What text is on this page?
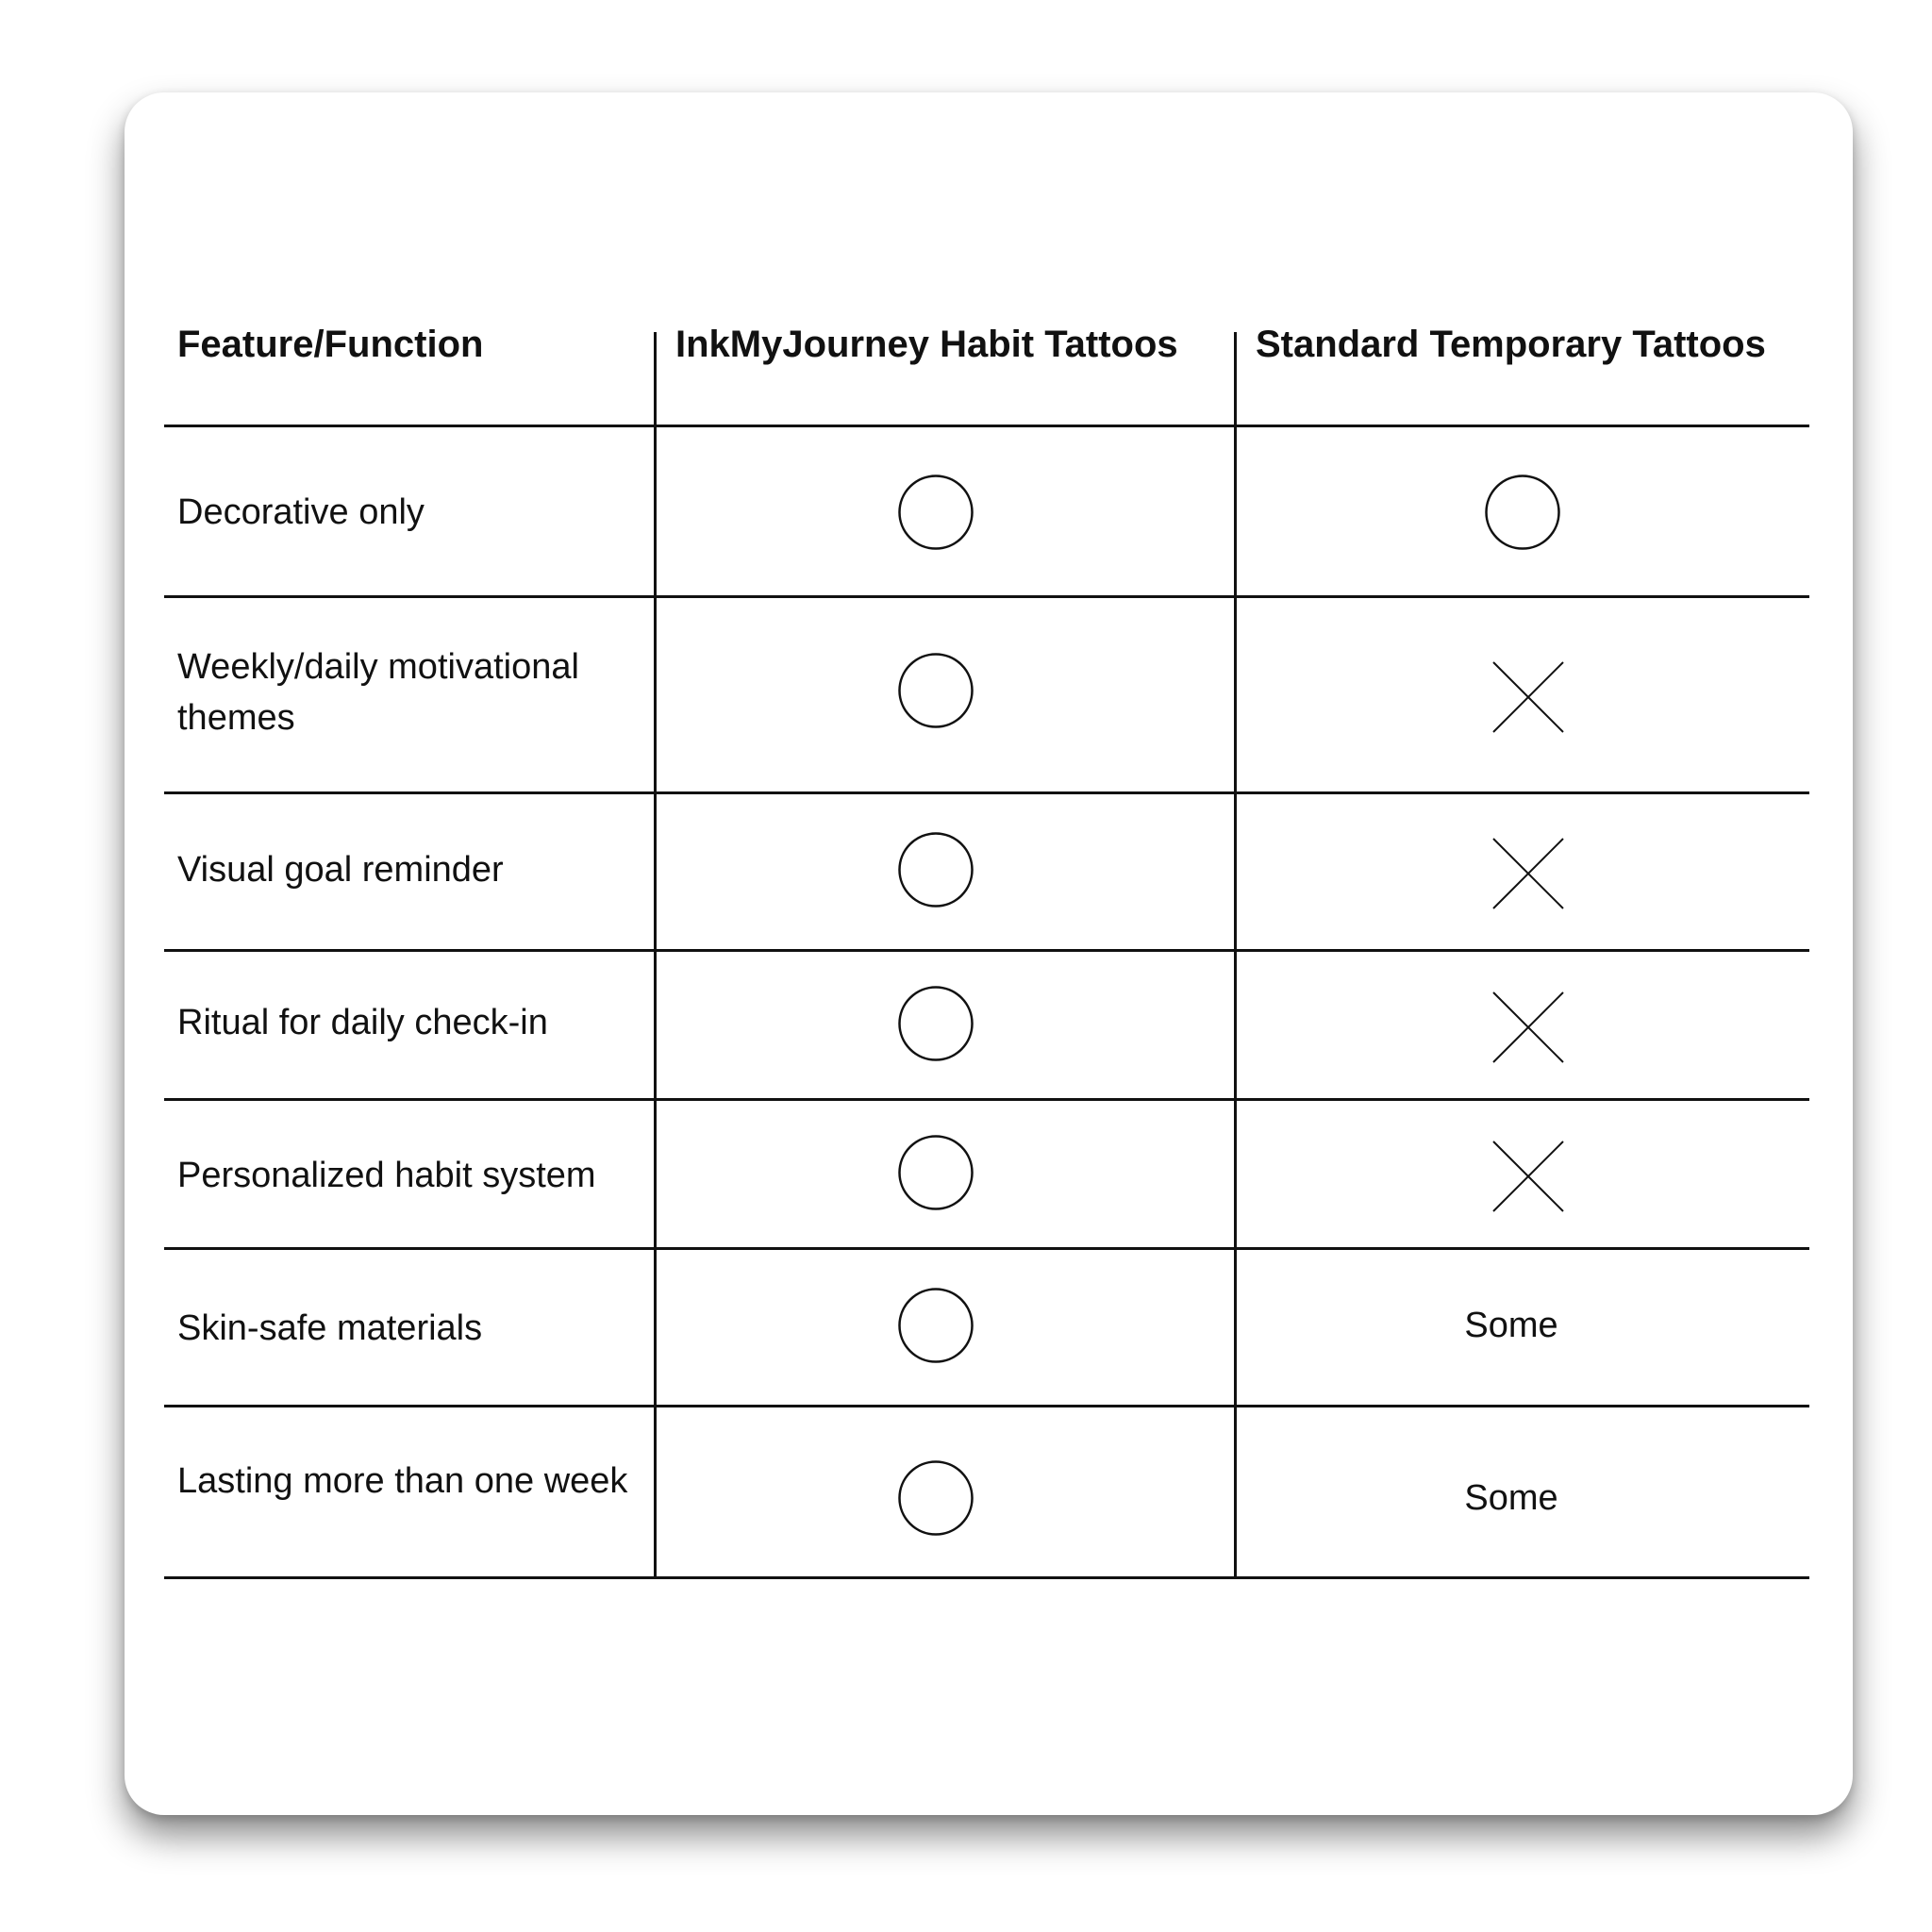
Feature/Function	InkMyJourney Habit Tattoos Standard Temporary Tattoos
Decorative only
Weekly/daily motivational
themes
Visual goal reminder
Ritual for daily check-in
Personalized habit system
Skin-safe materials
Lasting more than one week
Some
Some
